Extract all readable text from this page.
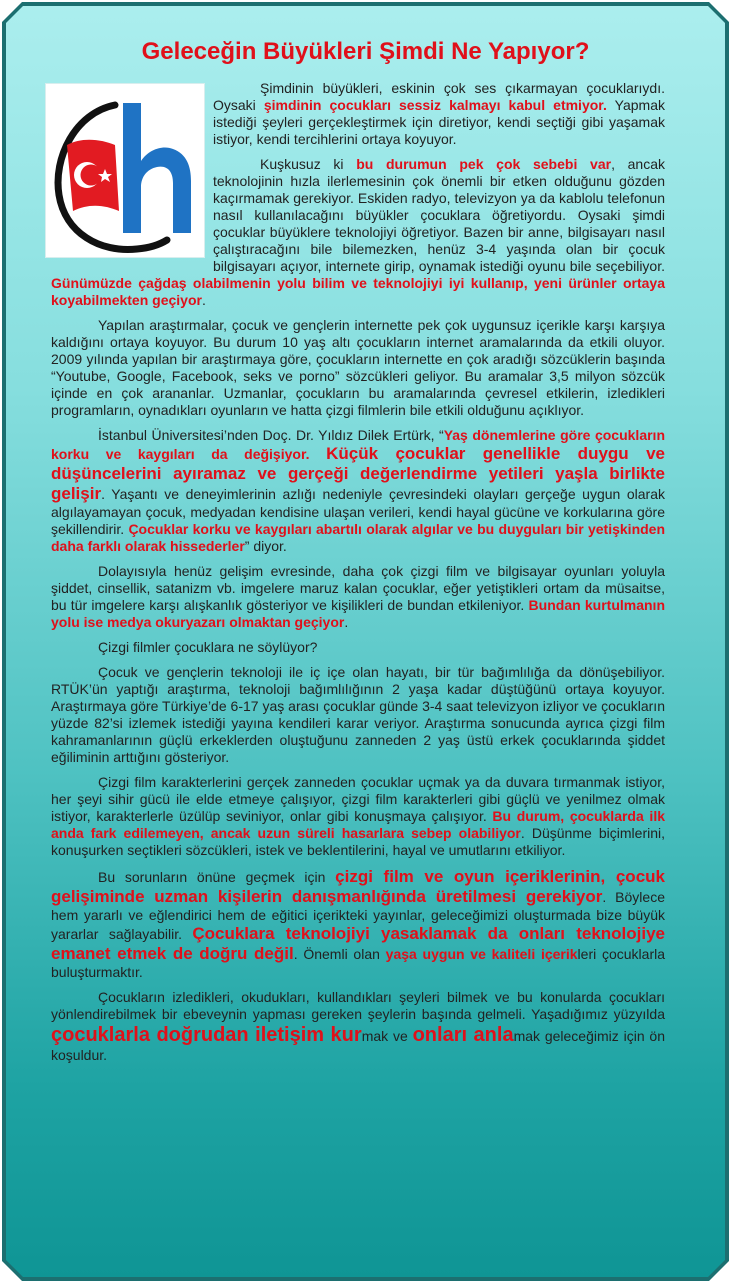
Geleceğin Büyükleri Şimdi Ne Yapıyor?

Şimdinin büyükleri, eskinin çok ses çıkarmayan çocuklarıydı. Oysaki şimdinin çocukları sessiz kalmayı kabul etmiyor. Yapmak istediği şeyleri gerçekleştirmek için diretiyor, kendi seçtiği gibi yaşamak istiyor, kendi tercihlerini ortaya koyuyor.

Kuşkusuz ki bu durumun pek çok sebebi var, ancak teknolojinin hızla ilerlemesinin çok önemli bir etken olduğunu gözden kaçırmamak gerekiyor. Eskiden radyo, televizyon ya da kablolu telefonun nasıl kullanılacağını büyükler çocuklara öğretiyordu. Oysaki şimdi çocuklar büyüklere teknolojiyi öğretiyor. Bazen bir anne, bilgisayarı nasıl çalıştıracağını bile bilemezken, henüz 3-4 yaşında olan bir çocuk bilgisayarı açıyor, internete girip, oynamak istediği oyunu bile seçebiliyor. Günümüzde çağdaş olabilmenin yolu bilim ve teknolojiyi iyi kullanıp, yeni ürünler ortaya koyabilmekten geçiyor.

Yapılan araştırmalar, çocuk ve gençlerin internette pek çok uygunsuz içerikle karşı karşıya kaldığını ortaya koyuyor. Bu durum 10 yaş altı çocukların internet aramalarında da etkili oluyor. 2009 yılında yapılan bir araştırmaya göre, çocukların internette en çok aradığı sözcüklerin başında “Youtube, Google, Facebook, seks ve porno” sözcükleri geliyor. Bu aramalar 3,5 milyon sözcük içinde en çok arananlar. Uzmanlar, çocukların bu aramalarında çevresel etkilerin, izledikleri programların, oynadıkları oyunların ve hatta çizgi filmlerin bile etkili olduğunu açıklıyor.

İstanbul Üniversitesi’nden Doç. Dr. Yıldız Dilek Ertürk, “Yaş dönemlerine göre çocukların korku ve kaygıları da değişiyor. Küçük çocuklar genellikle duygu ve düşüncelerini ayıramaz ve gerçeği değerlendirme yetileri yaşla birlikte gelişir. Yaşantı ve deneyimlerinin azlığı nedeniyle çevresindeki olayları gerçeğe uygun olarak algılayamayan çocuk, medyadan kendisine ulaşan verileri, kendi hayal gücüne ve korkularına göre şekillendirir. Çocuklar korku ve kaygıları abartılı olarak algılar ve bu duyguları bir yetişkinden daha farklı olarak hissederler” diyor.

Dolayısıyla henüz gelişim evresinde, daha çok çizgi film ve bilgisayar oyunları yoluyla şiddet, cinsellik, satanizm vb. imgelere maruz kalan çocuklar, eğer yetiştikleri ortam da müsaitse, bu tür imgelere karşı alışkanlık gösteriyor ve kişilikleri de bundan etkileniyor. Bundan kurtulmanın yolu ise medya okuryazarı olmaktan geçiyor.

Çizgi filmler çocuklara ne söylüyor?

Çocuk ve gençlerin teknoloji ile iç içe olan hayatı, bir tür bağımlılığa da dönüşebiliyor. RTÜK’ün yaptığı araştırma, teknoloji bağımlılığının 2 yaşa kadar düştüğünü ortaya koyuyor. Araştırmaya göre Türkiye’de 6-17 yaş arası çocuklar günde 3-4 saat televizyon izliyor ve çocukların yüzde 82’si izlemek istediği yayına kendileri karar veriyor. Araştırma sonucunda ayrıca çizgi film kahramanlarının güçlü erkeklerden oluştuğunu zanneden 2 yaş üstü erkek çocuklarında şiddet eğiliminin arttığını gösteriyor.

Çizgi film karakterlerini gerçek zanneden çocuklar uçmak ya da duvara tırmanmak istiyor, her şeyi sihir gücü ile elde etmeye çalışıyor, çizgi film karakterleri gibi güçlü ve yenilmez olmak istiyor, karakterlerle üzülüp seviniyor, onlar gibi konuşmaya çalışıyor. Bu durum, çocuklarda ilk anda fark edilemeyen, ancak uzun süreli hasarlara sebep olabiliyor. Düşünme biçimlerini, konuşurken seçtikleri sözcükleri, istek ve beklentilerini, hayal ve umutlarını etkiliyor.

Bu sorunların önüne geçmek için çizgi film ve oyun içeriklerinin, çocuk gelişiminde uzman kişilerin danışmanlığında üretilmesi gerekiyor. Böylece hem yararlı ve eğlendirici hem de eğitici içerikteki yayınlar, geleceğimizi oluşturmada bize büyük yararlar sağlayabilir. Çocuklara teknolojiyi yasaklamak da onları teknolojiye emanet etmek de doğru değil. Önemli olan yaşa uygun ve kaliteli içerikleri çocuklarla buluşturmaktır.

Çocukların izledikleri, okudukları, kullandıkları şeyleri bilmek ve bu konularda çocukları yönlendirebilmek bir ebeveynin yapması gereken şeylerin başında gelmeli. Yaşadığımız yüzyılda çocuklarla doğrudan iletişim kurmak ve onları anlamak geleceğimiz için ön koşuldur.
